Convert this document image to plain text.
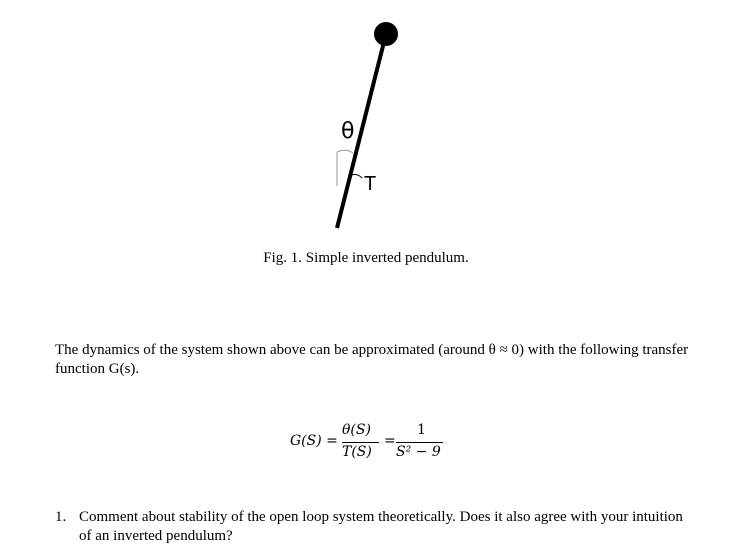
θ
T
Fig. 1. Simple inverted pendulum.
The dynamics of the system shown above can be approximated (around θ ≈ 0) with the following transfer function G(s).
G(S) =
θ(S)
T(S)
=
1
S² − 9
1. Comment about stability of the open loop system theoretically. Does it also agree with your intuition of an inverted pendulum?
